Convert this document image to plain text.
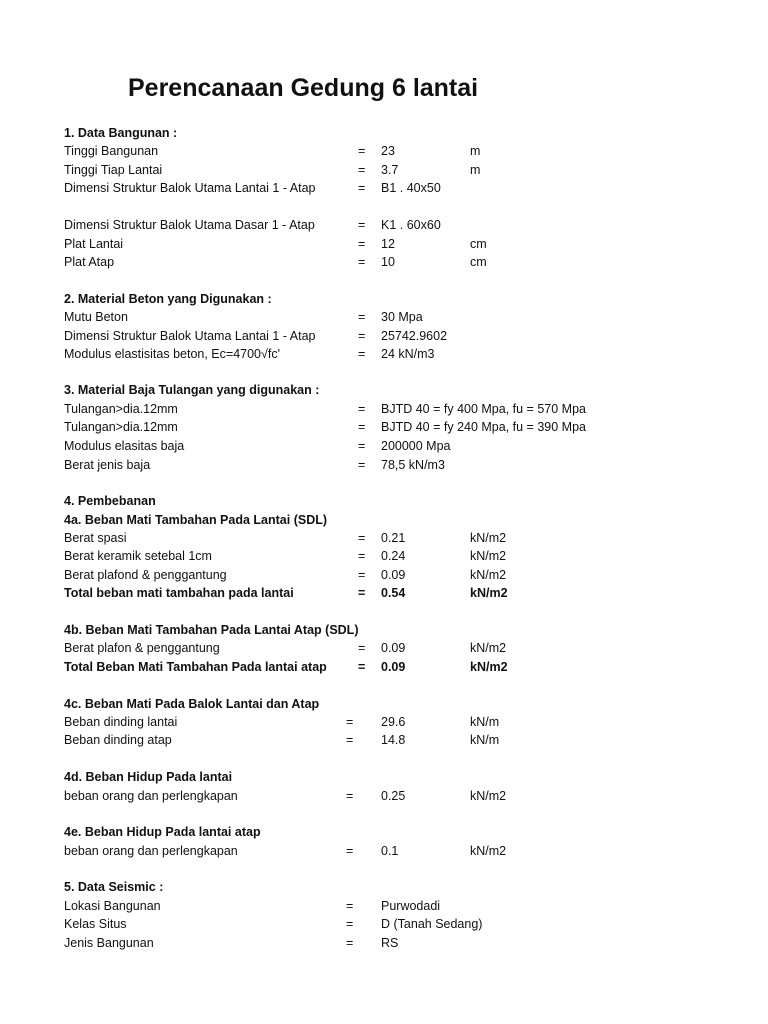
Perencanaan Gedung 6 lantai
1. Data Bangunan :
Tinggi Bangunan	= 23	m
Tinggi Tiap Lantai	= 3.7	m
Dimensi Struktur Balok Utama Lantai 1 - Atap	= B1 . 40x50
Dimensi Struktur Balok Utama Dasar 1 - Atap	= K1 . 60x60
Plat Lantai	= 12	cm
Plat Atap	= 10	cm
2. Material Beton yang Digunakan :
Mutu Beton	= 30 Mpa
Dimensi Struktur Balok Utama Lantai 1 - Atap	= 25742.9602
Modulus elastisitas beton, Ec=4700√fc'	= 24 kN/m3
3. Material Baja Tulangan yang digunakan :
Tulangan>dia.12mm	= BJTD 40 = fy 400 Mpa, fu = 570 Mpa
Tulangan>dia.12mm	= BJTD 40 = fy 240 Mpa, fu = 390 Mpa
Modulus elasitas baja	= 200000 Mpa
Berat jenis baja	= 78,5 kN/m3
4. Pembebanan
4a. Beban Mati Tambahan Pada Lantai (SDL)
Berat spasi	= 0.21	kN/m2
Berat keramik setebal 1cm	= 0.24	kN/m2
Berat plafond & penggantung	= 0.09	kN/m2
Total beban mati tambahan pada lantai	= 0.54	kN/m2
4b. Beban Mati Tambahan Pada Lantai Atap (SDL)
Berat plafon & penggantung	= 0.09	kN/m2
Total Beban Mati Tambahan Pada lantai atap = 0.09	kN/m2
4c. Beban Mati Pada Balok Lantai dan Atap
Beban dinding lantai	= 29.6	kN/m
Beban dinding atap	= 14.8	kN/m
4d. Beban Hidup Pada lantai
beban orang dan perlengkapan	= 0.25	kN/m2
4e. Beban Hidup Pada lantai atap
beban orang dan perlengkapan	= 0.1	kN/m2
5. Data Seismic :
Lokasi Bangunan	= Purwodadi
Kelas Situs	= D (Tanah Sedang)
Jenis Bangunan	= RS
